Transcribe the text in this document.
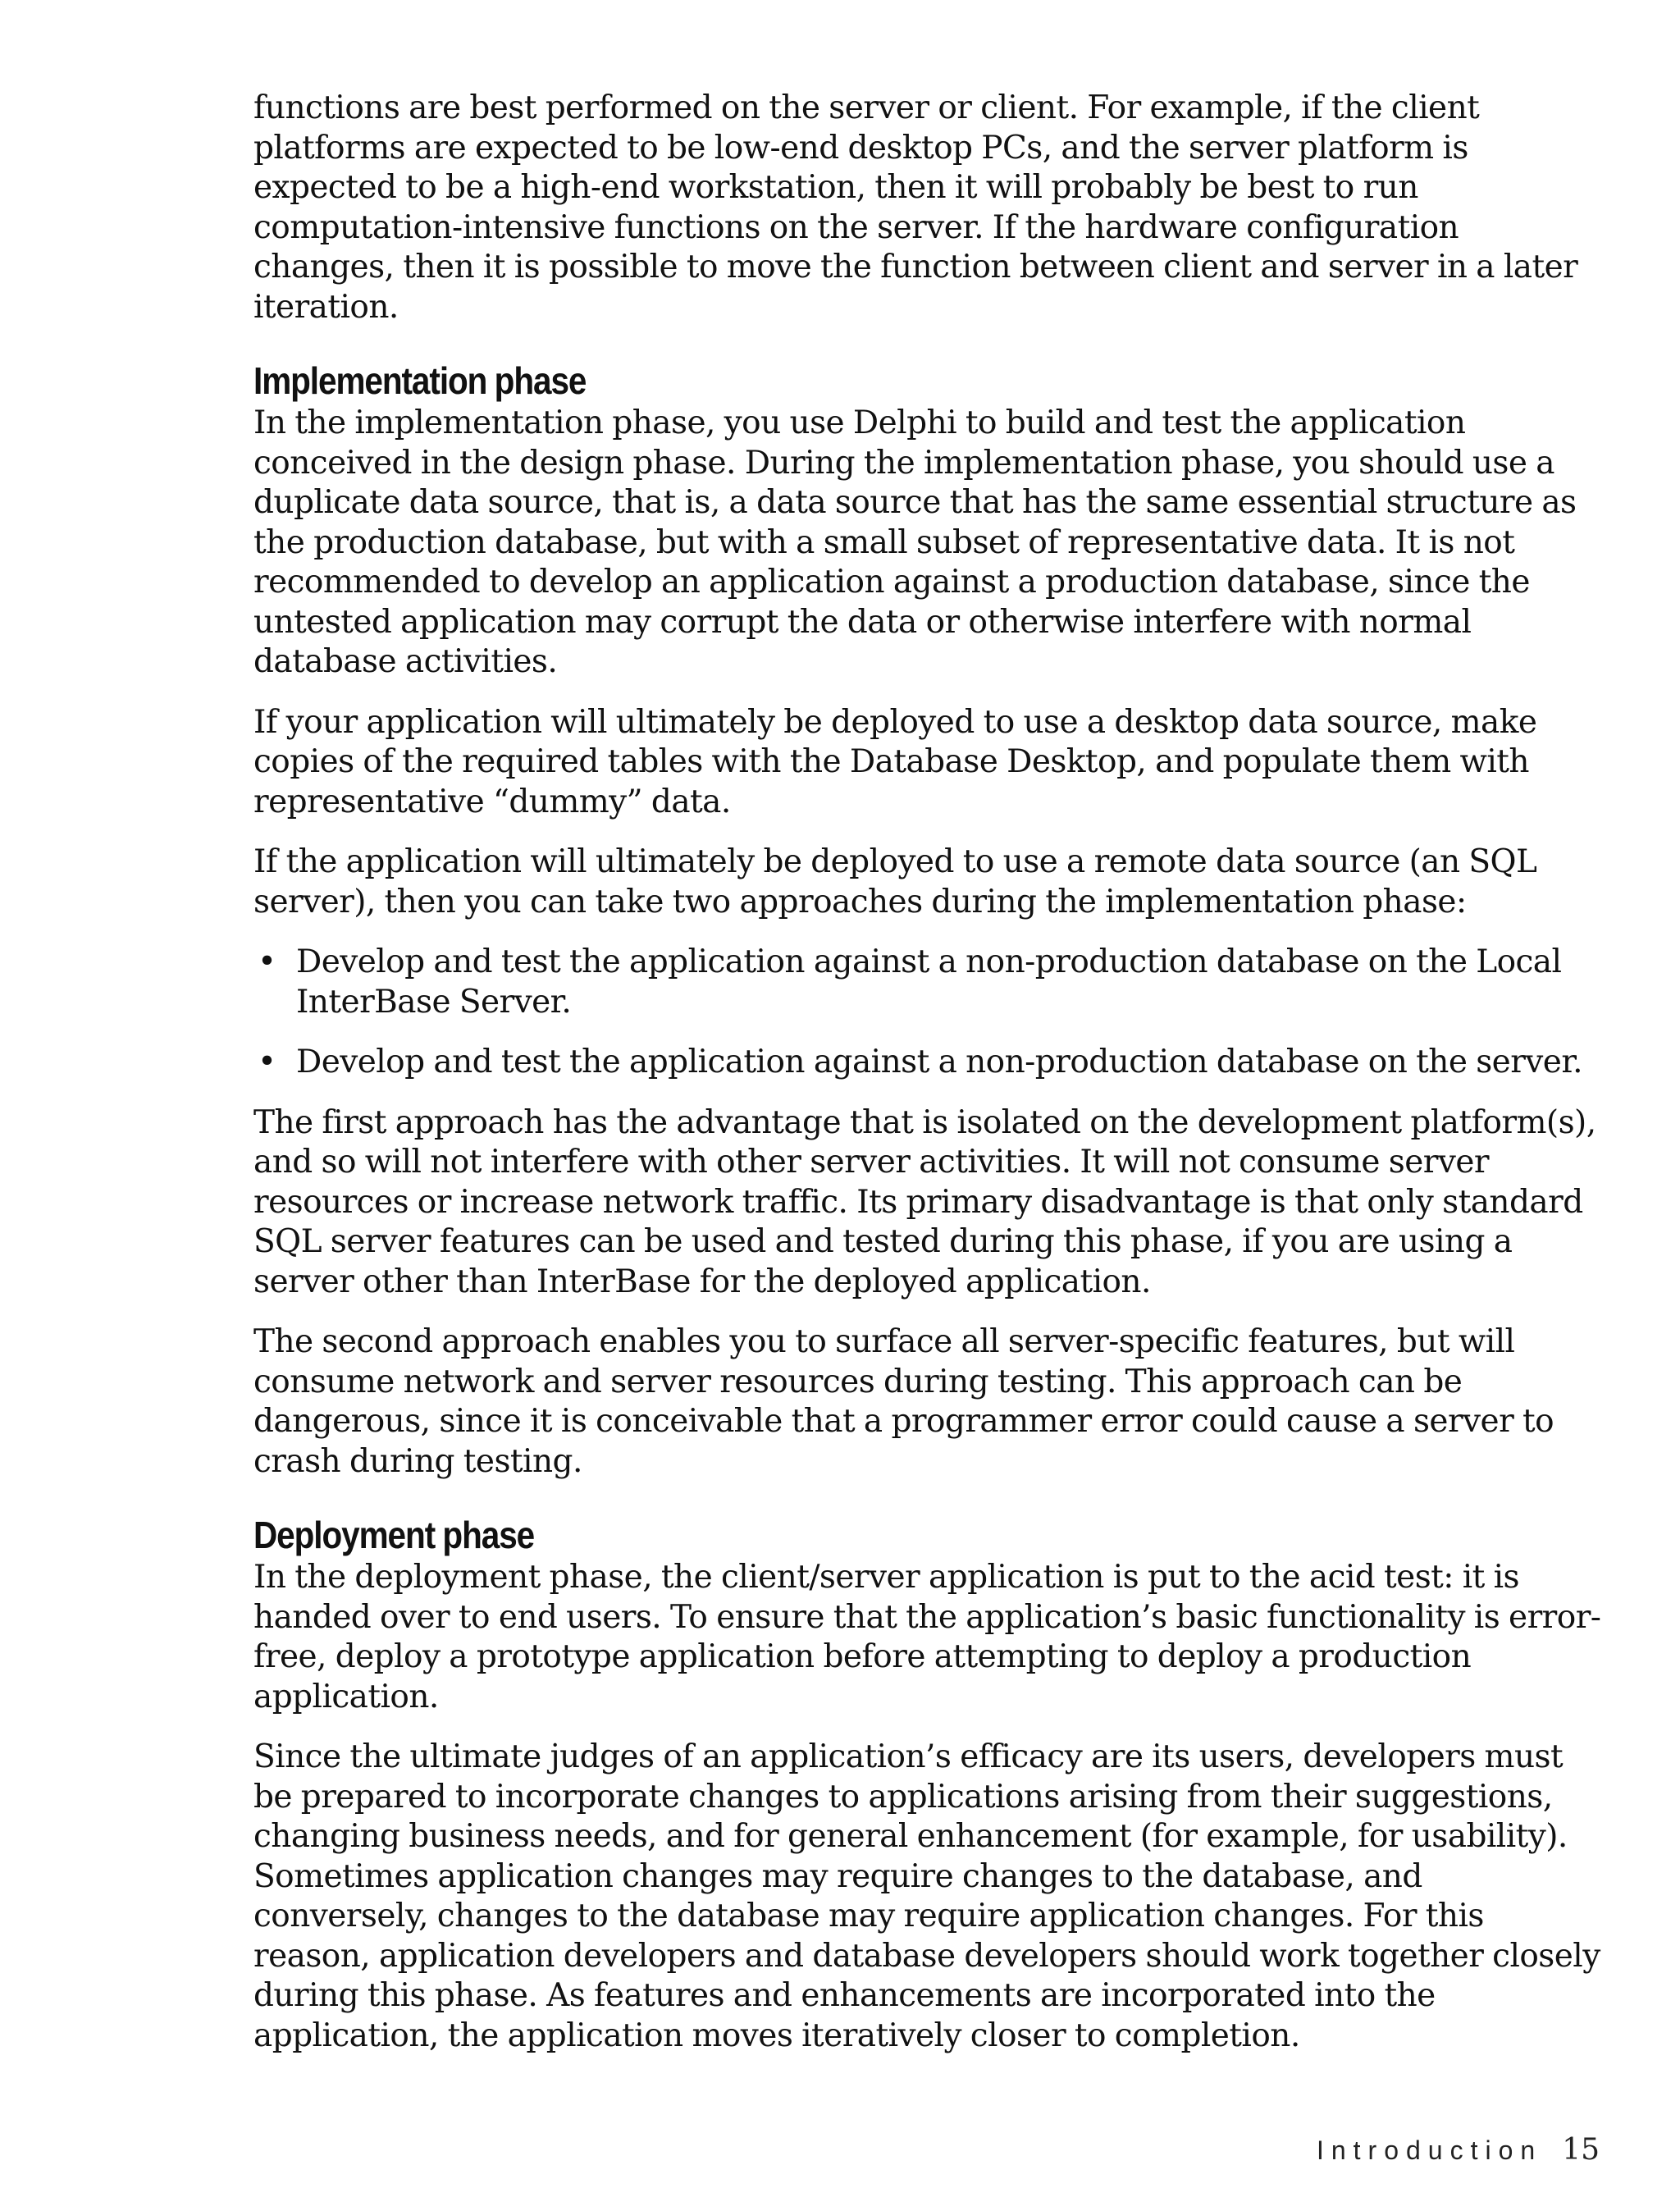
functions are best performed on the server or client. For example, if the client platforms are expected to be low-end desktop PCs, and the server platform is expected to be a high-end workstation, then it will probably be best to run computation-intensive functions on the server. If the hardware configuration changes, then it is possible to move the function between client and server in a later iteration.

Implementation phase

In the implementation phase, you use Delphi to build and test the application conceived in the design phase. During the implementation phase, you should use a duplicate data source, that is, a data source that has the same essential structure as the production database, but with a small subset of representative data. It is not recommended to develop an application against a production database, since the untested application may corrupt the data or otherwise interfere with normal database activities.

If your application will ultimately be deployed to use a desktop data source, make copies of the required tables with the Database Desktop, and populate them with representative “dummy” data.

If the application will ultimately be deployed to use a remote data source (an SQL server), then you can take two approaches during the implementation phase:

• Develop and test the application against a non-production database on the Local InterBase Server.
• Develop and test the application against a non-production database on the server.

The first approach has the advantage that is isolated on the development platform(s), and so will not interfere with other server activities. It will not consume server resources or increase network traffic. Its primary disadvantage is that only standard SQL server features can be used and tested during this phase, if you are using a server other than InterBase for the deployed application.

The second approach enables you to surface all server-specific features, but will consume network and server resources during testing. This approach can be dangerous, since it is conceivable that a programmer error could cause a server to crash during testing.

Deployment phase

In the deployment phase, the client/server application is put to the acid test: it is handed over to end users. To ensure that the application’s basic functionality is error-free, deploy a prototype application before attempting to deploy a production application.

Since the ultimate judges of an application’s efficacy are its users, developers must be prepared to incorporate changes to applications arising from their suggestions, changing business needs, and for general enhancement (for example, for usability). Sometimes application changes may require changes to the database, and conversely, changes to the database may require application changes. For this reason, application developers and database developers should work together closely during this phase. As features and enhancements are incorporated into the application, the application moves iteratively closer to completion.

Introduction 15
